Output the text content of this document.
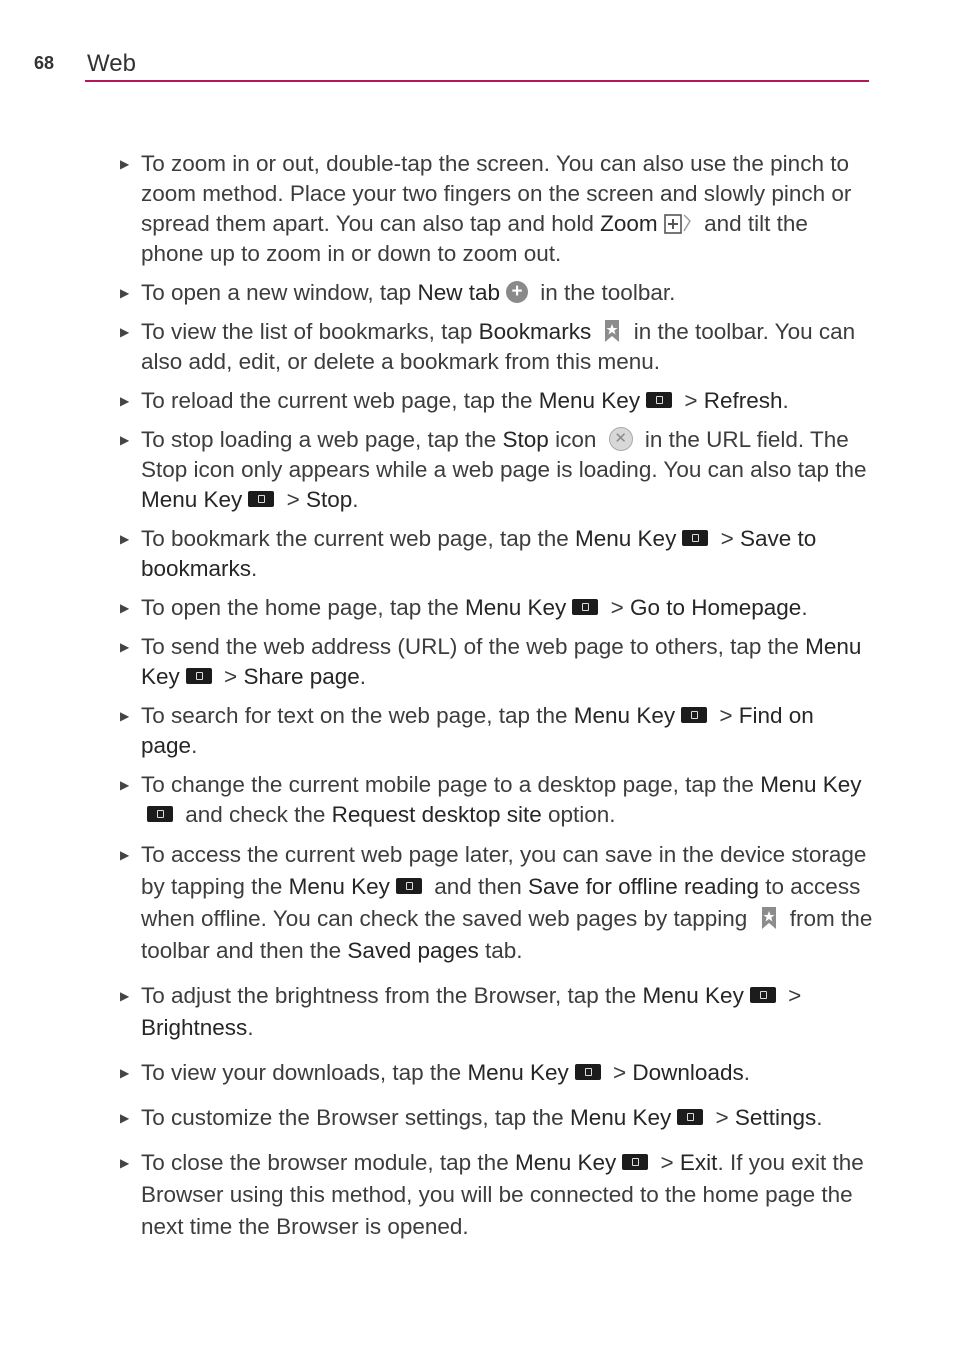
68 Web
▶ To zoom in or out, double-tap the screen. You can also use the pinch to zoom method. Place your two fingers on the screen and slowly pinch or spread them apart. You can also tap and hold Zoom  and tilt the phone up to zoom in or down to zoom out.
▶ To open a new window, tap New tab + in the toolbar.
▶ To view the list of bookmarks, tap Bookmarks  in the toolbar. You can also add, edit, or delete a bookmark from this menu.
▶ To reload the current web page, tap the Menu Key > Refresh.
▶ To stop loading a web page, tap the Stop icon ✕ in the URL field. The Stop icon only appears while a web page is loading. You can also tap the Menu Key > Stop.
▶ To bookmark the current web page, tap the Menu Key > Save to bookmarks.
▶ To open the home page, tap the Menu Key > Go to Homepage.
▶ To send the web address (URL) of the web page to others, tap the Menu Key > Share page.
▶ To search for text on the web page, tap the Menu Key > Find on page.
▶ To change the current mobile page to a desktop page, tap the Menu Key and check the Request desktop site option.
▶ To access the current web page later, you can save in the device storage by tapping the Menu Key and then Save for offline reading to access when offline. You can check the saved web pages by tapping  from the toolbar and then the Saved pages tab.
▶ To adjust the brightness from the Browser, tap the Menu Key > Brightness.
▶ To view your downloads, tap the Menu Key > Downloads.
▶ To customize the Browser settings, tap the Menu Key > Settings.
▶ To close the browser module, tap the Menu Key > Exit. If you exit the Browser using this method, you will be connected to the home page the next time the Browser is opened.
